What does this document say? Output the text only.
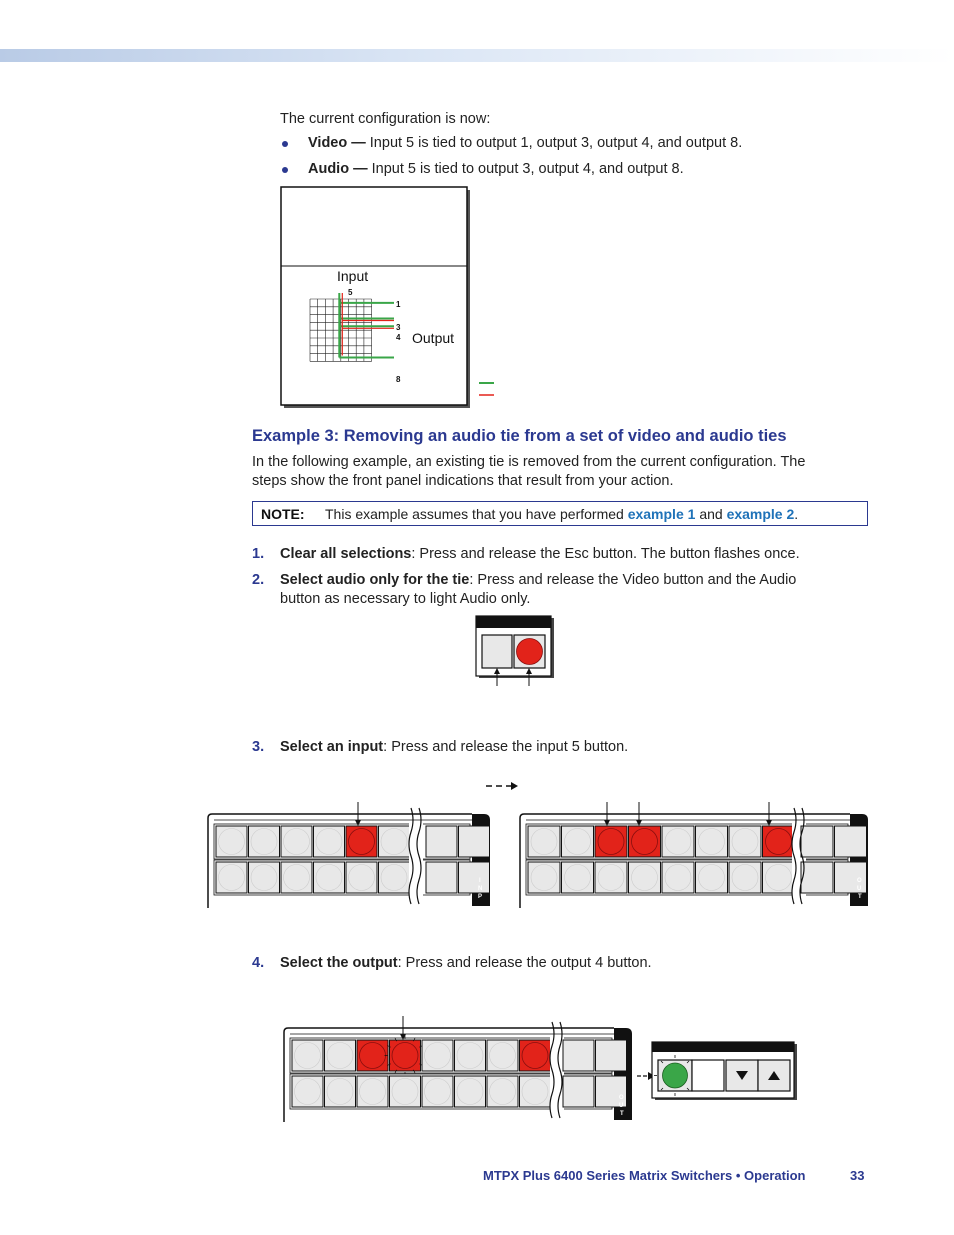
The current configuration is now:
Video — Input 5 is tied to output 1, output 3, output 4, and output 8.
Audio — Input 5 is tied to output 3, output 4, and output 8.
Input
Output
5
1
3
4
8
Example 3: Removing an audio tie from a set of video and audio ties
In the following example, an existing tie is removed from the current configuration. The
steps show the front panel indications that result from your action.
NOTE: This example assumes that you have performed example 1 and example 2.
1. Clear all selections: Press and release the Esc button. The button flashes once.
2. Select audio only for the tie: Press and release the Video button and the Audio
button as necessary to light Audio only.
3. Select an input: Press and release the input 5 button.
I
N
P
O
U
T
4. Select the output: Press and release the output 4 button.
O
U
T
MTPX Plus 6400 Series Matrix Switchers • Operation	33
